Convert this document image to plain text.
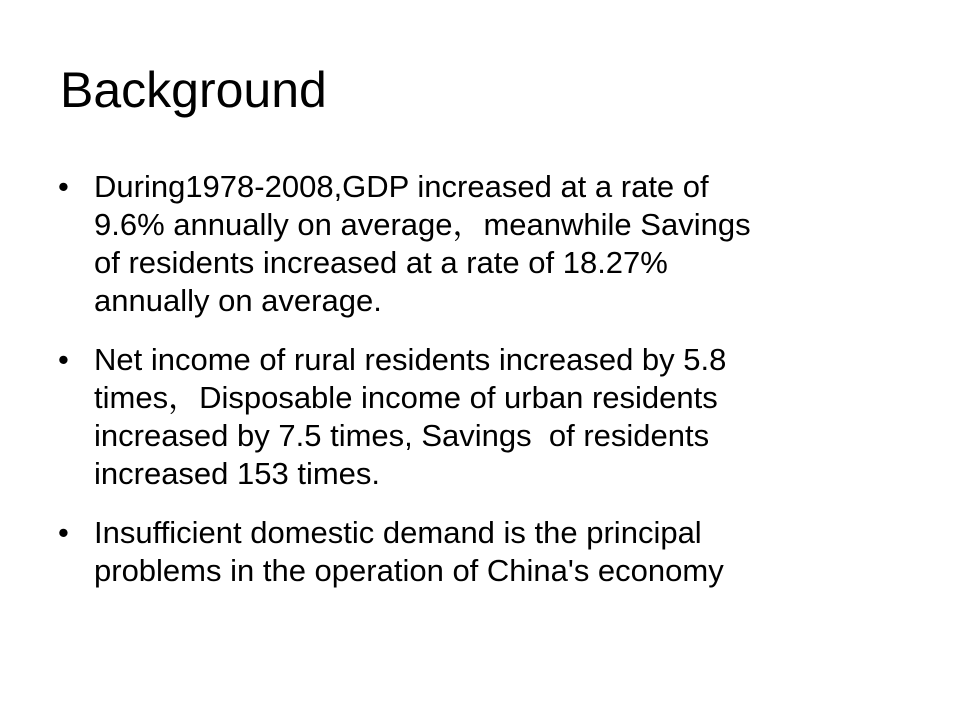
Background
• During1978-2008,GDP increased at a rate of
9.6% annually on average，meanwhile Savings
of residents increased at a rate of 18.27%
annually on average.
• Net income of rural residents increased by 5.8
times，Disposable income of urban residents
increased by 7.5 times, Savings  of residents
increased 153 times.
• Insufficient domestic demand is the principal
problems in the operation of China's economy
